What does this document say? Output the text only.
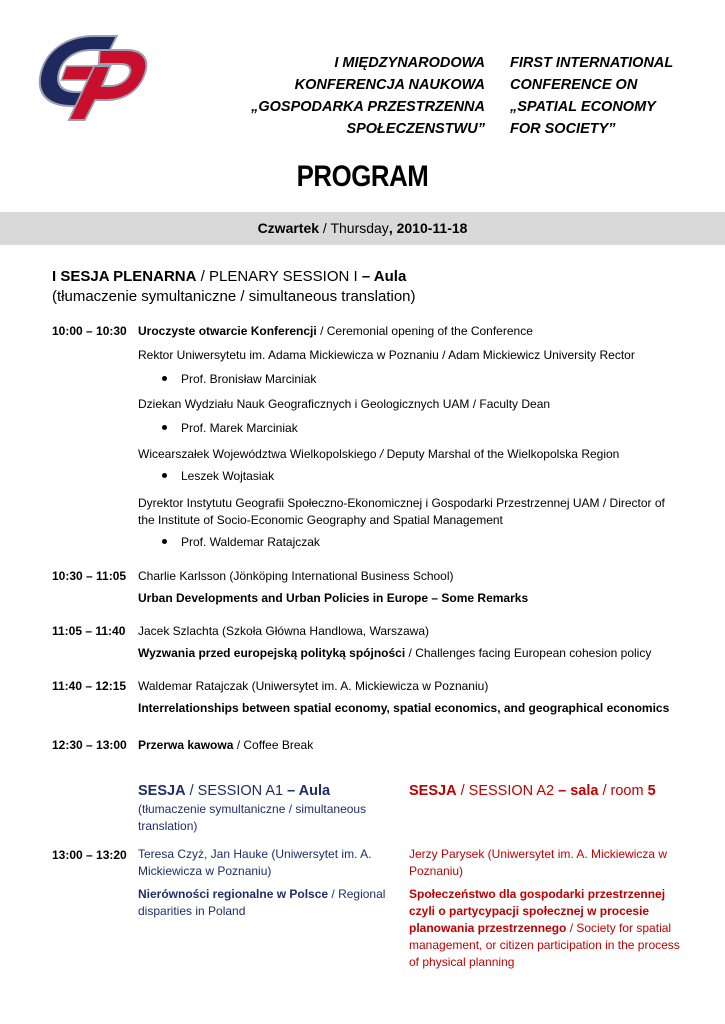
I MIĘDZYNARODOWA
KONFERENCJA NAUKOWA
„GOSPODARKA PRZESTRZENNA
SPOŁECZENSTWU”
FIRST INTERNATIONAL
CONFERENCE ON
„SPATIAL ECONOMY
FOR SOCIETY”
PROGRAM
Czwartek / Thursday, 2010-11-18
I SESJA PLENARNA / PLENARY SESSION I – Aula
(tłumaczenie symultaniczne / simultaneous translation)
10:00 – 10:30 Uroczyste otwarcie Konferencji / Ceremonial opening of the Conference
Rektor Uniwersytetu im. Adama Mickiewicza w Poznaniu / Adam Mickiewicz University Rector
Prof. Bronisław Marciniak
Dziekan Wydziału Nauk Geograficznych i Geologicznych UAM / Faculty Dean
Prof. Marek Marciniak
Wicearszałek Województwa Wielkopolskiego / Deputy Marshal of the Wielkopolska Region
Leszek Wojtasiak
Dyrektor Instytutu Geografii Społeczno-Ekonomicznej i Gospodarki Przestrzennej UAM / Director of the Institute of Socio-Economic Geography and Spatial Management
Prof. Waldemar Ratajczak
10:30 – 11:05 Charlie Karlsson (Jönköping International Business School)
Urban Developments and Urban Policies in Europe – Some Remarks
11:05 – 11:40 Jacek Szlachta (Szkoła Główna Handlowa, Warszawa)
Wyzwania przed europejską polityką spójności / Challenges facing European cohesion policy
11:40 – 12:15 Waldemar Ratajczak (Uniwersytet im. A. Mickiewicza w Poznaniu)
Interrelationships between spatial economy, spatial economics, and geographical economics
12:30 – 13:00 Przerwa kawowa / Coffee Break
SESJA / SESSION A1 – Aula
(tłumaczenie symultaniczne / simultaneous translation)
SESJA / SESSION A2 – sala / room 5
13:00 – 13:20 Teresa Czyż, Jan Hauke (Uniwersytet im. A. Mickiewicza w Poznaniu)
Nierówności regionalne w Polsce / Regional disparities in Poland
Jerzy Parysek (Uniwersytet im. A. Mickiewicza w Poznaniu)
Społeczeństwo dla gospodarki przestrzennej czyli o partycypacji społecznej w procesie planowania przestrzennego / Society for spatial management, or citizen participation in the process of physical planning
